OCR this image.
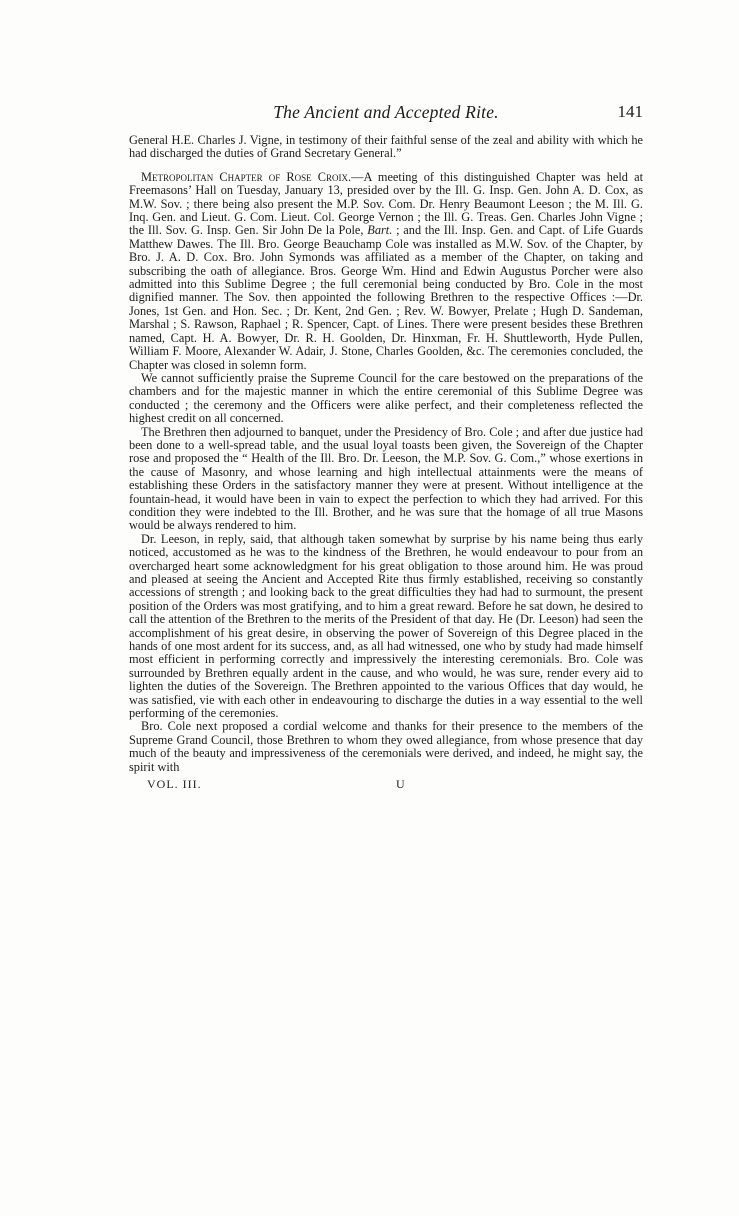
The Ancient and Accepted Rite.	141

General H.E. Charles J. Vigne, in testimony of their faithful sense of the zeal and ability with which he had discharged the duties of Grand Secretary General.”

Metropolitan Chapter of Rose Croix.—A meeting of this distinguished Chapter was held at Freemasons’ Hall on Tuesday, January 13, presided over by the Ill. G. Insp. Gen. John A. D. Cox, as M.W. Sov. ; there being also present the M.P. Sov. Com. Dr. Henry Beaumont Leeson ; the M. Ill. G. Inq. Gen. and Lieut. G. Com. Lieut. Col. George Vernon ; the Ill. G. Treas. Gen. Charles John Vigne ; the Ill. Sov. G. Insp. Gen. Sir John De la Pole, Bart. ; and the Ill. Insp. Gen. and Capt. of Life Guards Matthew Dawes. The Ill. Bro. George Beauchamp Cole was installed as M.W. Sov. of the Chapter, by Bro. J. A. D. Cox. Bro. John Symonds was affiliated as a member of the Chapter, on taking and subscribing the oath of allegiance. Bros. George Wm. Hind and Edwin Augustus Porcher were also admitted into this Sublime Degree ; the full ceremonial being conducted by Bro. Cole in the most dignified manner. The Sov. then appointed the following Brethren to the respective Offices :—Dr. Jones, 1st Gen. and Hon. Sec. ; Dr. Kent, 2nd Gen. ; Rev. W. Bowyer, Prelate ; Hugh D. Sandeman, Marshal ; S. Rawson, Raphael ; R. Spencer, Capt. of Lines. There were present besides these Brethren named, Capt. H. A. Bowyer, Dr. R. H. Goolden, Dr. Hinxman, Fr. H. Shuttleworth, Hyde Pullen, William F. Moore, Alexander W. Adair, J. Stone, Charles Goolden, &c. The ceremonies concluded, the Chapter was closed in solemn form.

We cannot sufficiently praise the Supreme Council for the care bestowed on the preparations of the chambers and for the majestic manner in which the entire ceremonial of this Sublime Degree was conducted ; the ceremony and the Officers were alike perfect, and their completeness reflected the highest credit on all concerned.

The Brethren then adjourned to banquet, under the Presidency of Bro. Cole ; and after due justice had been done to a well-spread table, and the usual loyal toasts been given, the Sovereign of the Chapter rose and proposed the “ Health of the Ill. Bro. Dr. Leeson, the M.P. Sov. G. Com.,” whose exertions in the cause of Masonry, and whose learning and high intellectual attainments were the means of establishing these Orders in the satisfactory manner they were at present. Without intelligence at the fountain-head, it would have been in vain to expect the perfection to which they had arrived. For this condition they were indebted to the Ill. Brother, and he was sure that the homage of all true Masons would be always rendered to him.

Dr. Leeson, in reply, said, that although taken somewhat by surprise by his name being thus early noticed, accustomed as he was to the kindness of the Brethren, he would endeavour to pour from an overcharged heart some acknowledgment for his great obligation to those around him. He was proud and pleased at seeing the Ancient and Accepted Rite thus firmly established, receiving so constantly accessions of strength ; and looking back to the great difficulties they had had to surmount, the present position of the Orders was most gratifying, and to him a great reward. Before he sat down, he desired to call the attention of the Brethren to the merits of the President of that day. He (Dr. Leeson) had seen the accomplishment of his great desire, in observing the power of Sovereign of this Degree placed in the hands of one most ardent for its success, and, as all had witnessed, one who by study had made himself most efficient in performing correctly and impressively the interesting ceremonials. Bro. Cole was surrounded by Brethren equally ardent in the cause, and who would, he was sure, render every aid to lighten the duties of the Sovereign. The Brethren appointed to the various Offices that day would, he was satisfied, vie with each other in endeavouring to discharge the duties in a way essential to the well performing of the ceremonies.

Bro. Cole next proposed a cordial welcome and thanks for their presence to the members of the Supreme Grand Council, those Brethren to whom they owed allegiance, from whose presence that day much of the beauty and impressiveness of the ceremonials were derived, and indeed, he might say, the spirit with

VOL. III.	U
